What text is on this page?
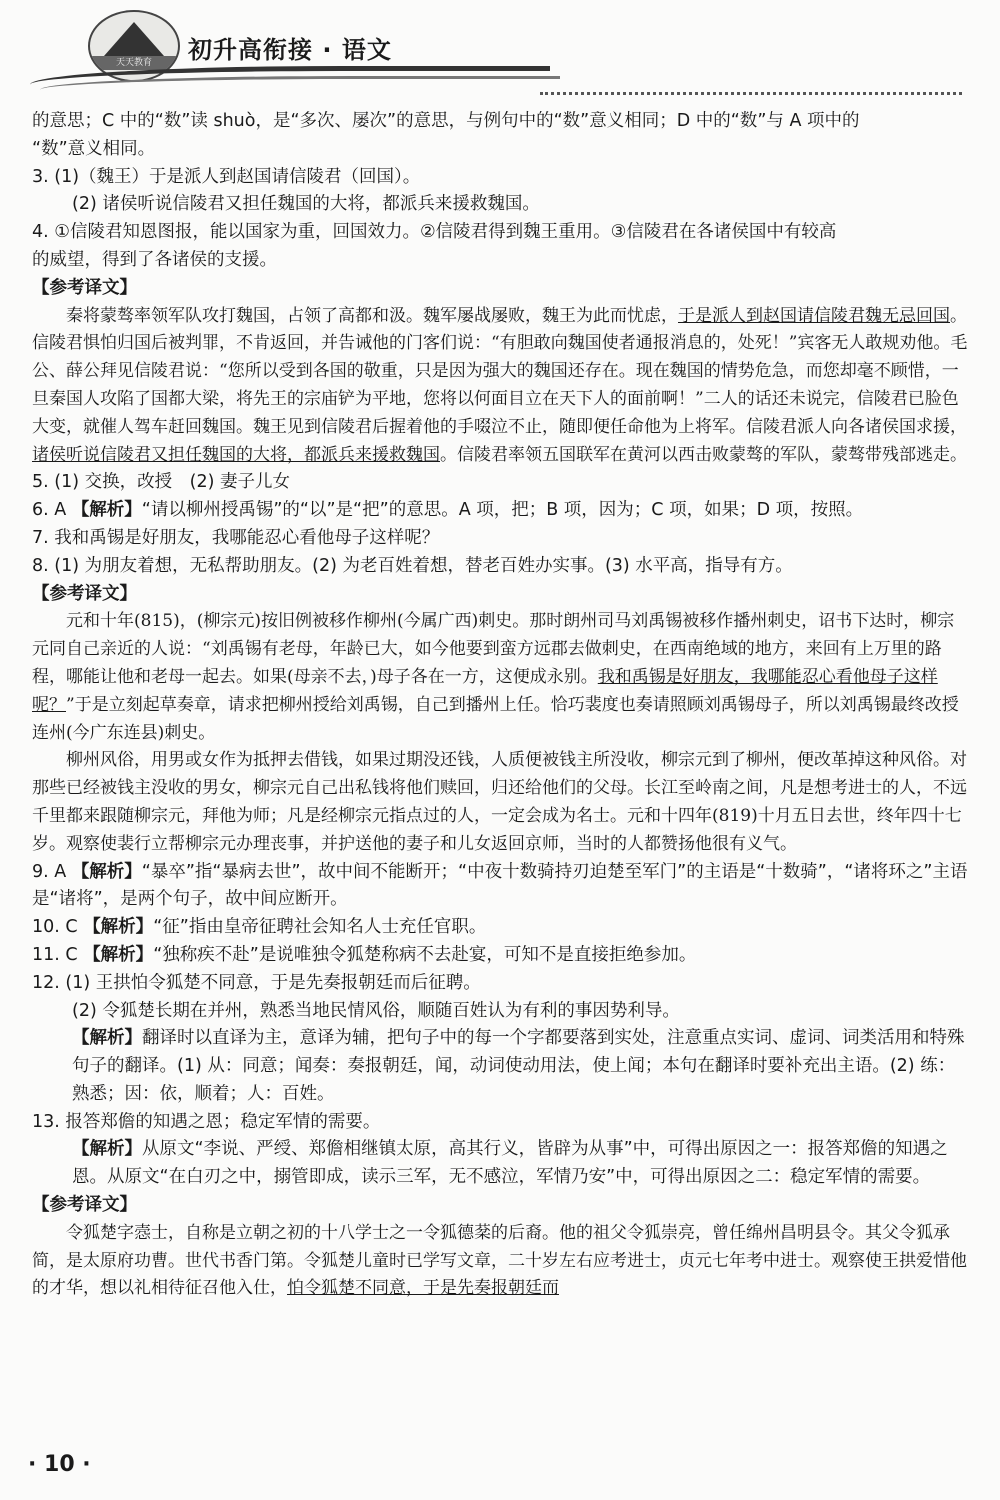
天天教育	初升高衔接 · 语文

的意思；C 中的“数”读 shuò，是“多次、屡次”的意思，与例句中的“数”意义相同；D 中的“数”与 A 项中的

“数”意义相同。

3. (1)（魏王）于是派人到赵国请信陵君（回国）。

(2) 诸侯听说信陵君又担任魏国的大将，都派兵来援救魏国。

4. ①信陵君知恩图报，能以国家为重，回国效力。②信陵君得到魏王重用。③信陵君在各诸侯国中有较高
的威望，得到了各诸侯的支援。

【参考译文】

秦将蒙骜率领军队攻打魏国，占领了高都和汲。魏军屡战屡败，魏王为此而忧虑，于是派人到赵国请信陵君魏无忌回国。信陵君惧怕归国后被判罪，不肯返回，并告诫他的门客们说：“有胆敢向魏国使者通报消息的，处死！”宾客无人敢规劝他。毛公、薛公拜见信陵君说：“您所以受到各国的敬重，只是因为强大的魏国还存在。现在魏国的情势危急，而您却毫不顾惜，一旦秦国人攻陷了国都大梁，将先王的宗庙铲为平地，您将以何面目立在天下人的面前啊！”二人的话还未说完，信陵君已脸色大变，就催人驾车赶回魏国。魏王见到信陵君后握着他的手啜泣不止，随即便任命他为上将军。信陵君派人向各诸侯国求援，诸侯听说信陵君又担任魏国的大将，都派兵来援救魏国。信陵君率领五国联军在黄河以西击败蒙骜的军队，蒙骜带残部逃走。

5. (1) 交换，改授　(2) 妻子儿女

6. A 【解析】“请以柳州授禹锡”的“以”是“把”的意思。A 项，把；B 项，因为；C 项，如果；D 项，按照。

7. 我和禹锡是好朋友，我哪能忍心看他母子这样呢？

8. (1) 为朋友着想，无私帮助朋友。(2) 为老百姓着想，替老百姓办实事。(3) 水平高，指导有方。

【参考译文】

元和十年(815)，(柳宗元)按旧例被移作柳州(今属广西)刺史。那时朗州司马刘禹锡被移作播州刺史，诏书下达时，柳宗元同自己亲近的人说：“刘禹锡有老母，年龄已大，如今他要到蛮方远郡去做刺史，在西南绝域的地方，来回有上万里的路程，哪能让他和老母一起去。如果(母亲不去，)母子各在一方，这便成永别。我和禹锡是好朋友，我哪能忍心看他母子这样呢？”于是立刻起草奏章，请求把柳州授给刘禹锡，自己到播州上任。恰巧裴度也奏请照顾刘禹锡母子，所以刘禹锡最终改授连州(今广东连县)刺史。

柳州风俗，用男或女作为抵押去借钱，如果过期没还钱，人质便被钱主所没收，柳宗元到了柳州，便改革掉这种风俗。对那些已经被钱主没收的男女，柳宗元自己出私钱将他们赎回，归还给他们的父母。长江至岭南之间，凡是想考进士的人，不远千里都来跟随柳宗元，拜他为师；凡是经柳宗元指点过的人，一定会成为名士。元和十四年(819)十月五日去世，终年四十七岁。观察使裴行立帮柳宗元办理丧事，并护送他的妻子和儿女返回京师，当时的人都赞扬他很有义气。

9. A 【解析】“暴卒”指“暴病去世”，故中间不能断开；“中夜十数骑持刃迫楚至军门”的主语是“十数骑”，“诸将环之”主语是“诸将”，是两个句子，故中间应断开。

10. C 【解析】“征”指由皇帝征聘社会知名人士充任官职。

11. C 【解析】“独称疾不赴”是说唯独令狐楚称病不去赴宴，可知不是直接拒绝参加。

12. (1) 王拱怕令狐楚不同意，于是先奏报朝廷而后征聘。

(2) 令狐楚长期在并州，熟悉当地民情风俗，顺随百姓认为有利的事因势利导。

【解析】翻译时以直译为主，意译为辅，把句子中的每一个字都要落到实处，注意重点实词、虚词、词类活用和特殊句子的翻译。(1) 从：同意；闻奏：奏报朝廷，闻，动词使动用法，使上闻；本句在翻译时要补充出主语。(2) 练：熟悉；因：依，顺着；人：百姓。

13. 报答郑儋的知遇之恩；稳定军情的需要。

【解析】从原文“李说、严绶、郑儋相继镇太原，高其行义，皆辟为从事”中，可得出原因之一：报答郑儋的知遇之恩。从原文“在白刃之中，搦管即成，读示三军，无不感泣，军情乃安”中，可得出原因之二：稳定军情的需要。

【参考译文】

令狐楚字悫士，自称是立朝之初的十八学士之一令狐德棻的后裔。他的祖父令狐崇亮，曾任绵州昌明县令。其父令狐承简，是太原府功曹。世代书香门第。令狐楚儿童时已学写文章，二十岁左右应考进士，贞元七年考中进士。观察使王拱爱惜他的才华，想以礼相待征召他入仕，怕令狐楚不同意，于是先奏报朝廷而

· 10 ·
